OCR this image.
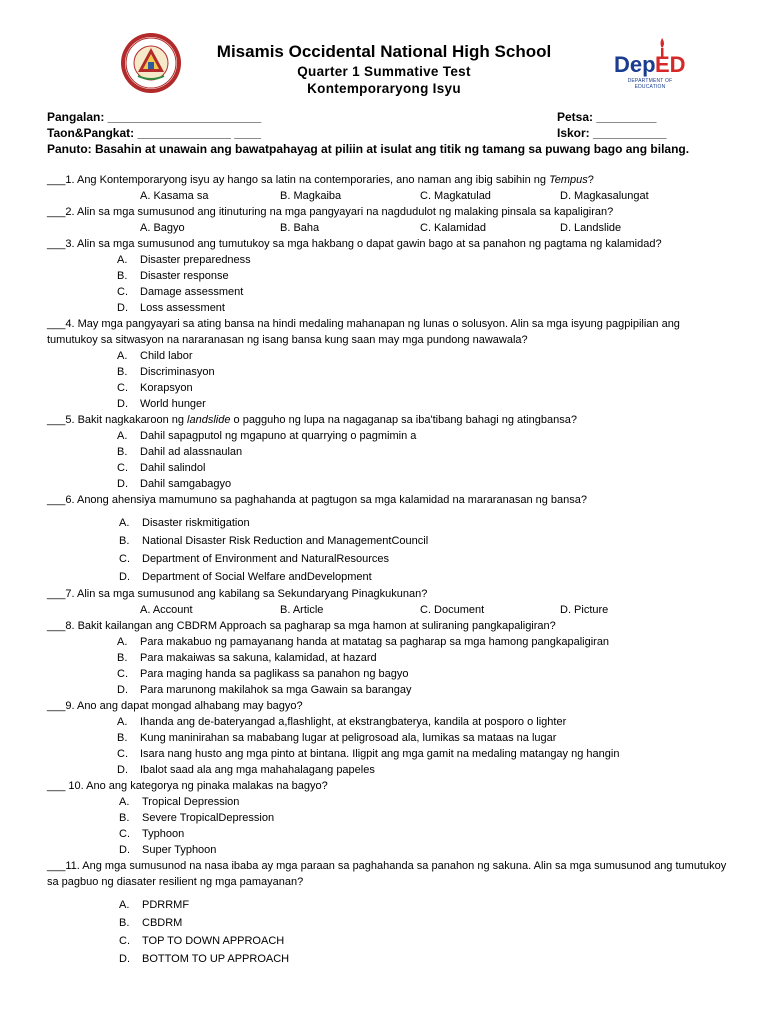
Dep ED
DEPARTMENT OF EDUCATION
Misamis Occidental National High School
Quarter 1 Summative Test
Kontemporaryong Isyu
Pangalan: _______________________	Petsa: _________
Taon&Pangkat: ______________ ____	Iskor: ___________
Panuto: Basahin at unawain ang bawatpahayag at piliin at isulat ang titik ng tamang sa puwang bago ang bilang.
___1. Ang Kontemporaryong isyu ay hango sa latin na contemporaries, ano naman ang ibig sabihin ng Tempus?
A. Kasama sa	B. Magkaiba	C. Magkatulad	D. Magkasalungat
___2. Alin sa mga sumusunod ang itinuturing na mga pangyayari na nagdudulot ng malaking pinsala sa kapaligiran?
A. Bagyo	B. Baha	C. Kalamidad	D. Landslide
___3. Alin sa mga sumusunod ang tumutukoy sa mga hakbang o dapat gawin bago at sa panahon ng pagtama ng kalamidad?
A. Disaster preparedness
B. Disaster response
C. Damage assessment
D. Loss assessment
___4. May mga pangyayari sa ating bansa na hindi medaling mahanapan ng lunas o solusyon. Alin sa mga isyung pagpipilian ang tumutukoy sa sitwasyon na nararanasan ng isang bansa kung saan may mga pundong nawawala?
A. Child labor
B. Discriminasyon
C. Korapsyon
D. World hunger
___5. Bakit nagkakaroon ng landslide o pagguho ng lupa na nagaganap sa iba'tibang bahagi ng atingbansa?
A. Dahil sapagputol ng mgapuno at quarrying o pagmimin a
B. Dahil ad alassnaulan
C. Dahil salindol
D. Dahil samgabagyo
___6. Anong ahensiya mamumuno sa paghahanda at pagtugon sa mga kalamidad na mararanasan ng bansa?
A. Disaster riskmitigation
B. National Disaster Risk Reduction and ManagementCouncil
C. Department of Environment and NaturalResources
D. Department of Social Welfare andDevelopment
___7. Alin sa mga sumusunod ang kabilang sa Sekundaryang Pinagkukunan?
A. Account	B. Article	C. Document	D. Picture
___8. Bakit kailangan ang CBDRM Approach sa pagharap sa mga hamon at suliraning pangkapaligiran?
A. Para makabuo ng pamayanang handa at matatag sa pagharap sa mga hamong pangkapaligiran
B. Para makaiwas sa sakuna, kalamidad, at hazard
C. Para maging handa sa paglikass sa panahon ng bagyo
D. Para marunong makilahok sa mga Gawain sa barangay
___9. Ano ang dapat mongad alhabang may bagyo?
A. Ihanda ang de-bateryangad a,flashlight, at ekstrangbaterya, kandila at posporo o lighter
B. Kung maninirahan sa mababang lugar at peligrosoad ala, lumikas sa mataas na lugar
C. Isara nang husto ang mga pinto at bintana. Iligpit ang mga gamit na medaling matangay ng hangin
D. Ibalot saad ala ang mga mahahalagang papeles
___ 10. Ano ang kategorya ng pinaka malakas na bagyo?
A. Tropical Depression
B. Severe TropicalDepression
C. Typhoon
D. Super Typhoon
___11. Ang mga sumusunod na nasa ibaba ay mga paraan sa paghahanda sa panahon ng sakuna. Alin sa mga sumusunod ang tumutukoy sa pagbuo ng diasater resilient ng mga pamayanan?
A. PDRRMF
B. CBDRM
C. TOP TO DOWN APPROACH
D. BOTTOM TO UP APPROACH
